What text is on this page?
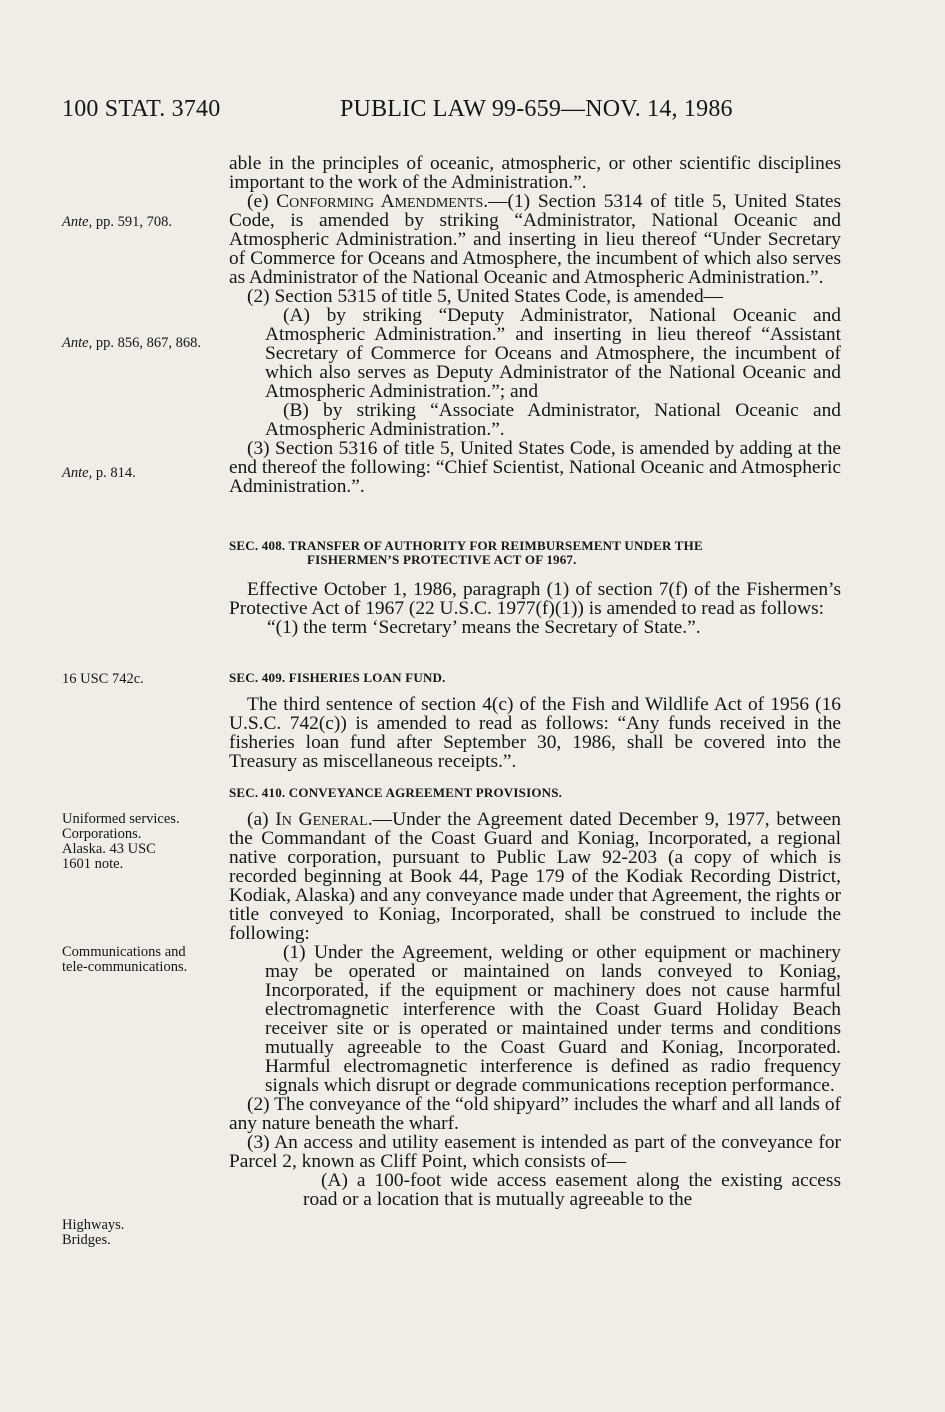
100 STAT. 3740	PUBLIC LAW 99-659—NOV. 14, 1986
Ante, pp. 591, 708.
Ante, pp. 856, 867, 868.
Ante, p. 814.
16 USC 742c.
Uniformed services. Corporations. Alaska. 43 USC 1601 note.
Communications and tele-communications.
Highways. Bridges.

able in the principles of oceanic, atmospheric, or other scientific disciplines important to the work of the Administration.”.

(e) Conforming Amendments.—(1) Section 5314 of title 5, United States Code, is amended by striking “Administrator, National Oceanic and Atmospheric Administration.” and inserting in lieu thereof “Under Secretary of Commerce for Oceans and Atmosphere, the incumbent of which also serves as Administrator of the National Oceanic and Atmospheric Administration.”.

(2) Section 5315 of title 5, United States Code, is amended—

(A) by striking “Deputy Administrator, National Oceanic and Atmospheric Administration.” and inserting in lieu thereof “Assistant Secretary of Commerce for Oceans and Atmosphere, the incumbent of which also serves as Deputy Administrator of the National Oceanic and Atmospheric Administration.”; and

(B) by striking “Associate Administrator, National Oceanic and Atmospheric Administration.”.

(3) Section 5316 of title 5, United States Code, is amended by adding at the end thereof the following: “Chief Scientist, National Oceanic and Atmospheric Administration.”.

SEC. 408. TRANSFER OF AUTHORITY FOR REIMBURSEMENT UNDER THE
FISHERMEN’S PROTECTIVE ACT OF 1967.

Effective October 1, 1986, paragraph (1) of section 7(f) of the Fishermen’s Protective Act of 1967 (22 U.S.C. 1977(f)(1)) is amended to read as follows:

“(1) the term ‘Secretary’ means the Secretary of State.”.

SEC. 409. FISHERIES LOAN FUND.

The third sentence of section 4(c) of the Fish and Wildlife Act of 1956 (16 U.S.C. 742(c)) is amended to read as follows: “Any funds received in the fisheries loan fund after September 30, 1986, shall be covered into the Treasury as miscellaneous receipts.”.

SEC. 410. CONVEYANCE AGREEMENT PROVISIONS.

(a) In General.—Under the Agreement dated December 9, 1977, between the Commandant of the Coast Guard and Koniag, Incorporated, a regional native corporation, pursuant to Public Law 92-203 (a copy of which is recorded beginning at Book 44, Page 179 of the Kodiak Recording District, Kodiak, Alaska) and any conveyance made under that Agreement, the rights or title conveyed to Koniag, Incorporated, shall be construed to include the following:

(1) Under the Agreement, welding or other equipment or machinery may be operated or maintained on lands conveyed to Koniag, Incorporated, if the equipment or machinery does not cause harmful electromagnetic interference with the Coast Guard Holiday Beach receiver site or is operated or maintained under terms and conditions mutually agreeable to the Coast Guard and Koniag, Incorporated. Harmful electromagnetic interference is defined as radio frequency signals which disrupt or degrade communications reception performance.

(2) The conveyance of the “old shipyard” includes the wharf and all lands of any nature beneath the wharf.

(3) An access and utility easement is intended as part of the conveyance for Parcel 2, known as Cliff Point, which consists of—

(A) a 100-foot wide access easement along the existing access road or a location that is mutually agreeable to the
